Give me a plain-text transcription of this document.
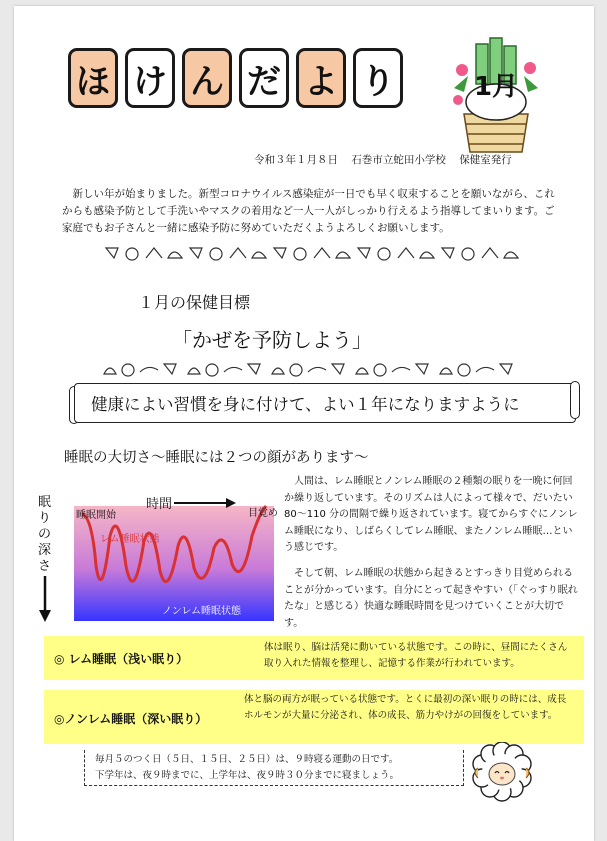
ほ け ん だ よ り	1月
令和３年１月８日 石巻市立蛇田小学校 保健室発行
新しい年が始まりました。新型コロナウイルス感染症が一日でも早く収束することを願いながら、これからも感染予防として手洗いやマスクの着用など一人一人がしっかり行えるよう指導してまいります。ご家庭でもお子さんと一緒に感染予防に努めていただくようよろしくお願いします。
１月の保健目標
「かぜを予防しよう」
健康によい習慣を身に付けて、よい１年になりますように
睡眠の大切さ～睡眠には２つの顔があります～
眠
り
の
深
さ
睡眠開始
時間
目覚め
レム睡眠状態
ノンレム睡眠状態
人間は、レム睡眠とノンレム睡眠の２種類の眠りを一晩に何回か繰り返しています。そのリズムは人によって様々で、だいたい 80～110 分の間隔で繰り返されています。寝てからすぐにノンレム睡眠になり、しばらくしてレム睡眠、またノンレム睡眠…という感じです。
そして朝、レム睡眠の状態から起きるとすっきり目覚められることが分かっています。自分にとって起きやすい（「ぐっすり眠れたな」と感じる）快適な睡眠時間を見つけていくことが大切です。
◎ レム睡眠（浅い眠り）
体は眠り、脳は活発に動いている状態です。この時に、昼間にたくさん取り入れた情報を整理し、記憶する作業が行われています。
◎ノンレム睡眠（深い眠り）
体と脳の両方が眠っている状態です。とくに最初の深い眠りの時には、成長ホルモンが大量に分泌され、体の成長、筋力やけがの回復をしています。
毎月５のつく日（５日、１５日、２５日）は、９時寝る運動の日です。
下学年は、夜９時までに、上学年は、夜９時３０分までに寝ましょう。
